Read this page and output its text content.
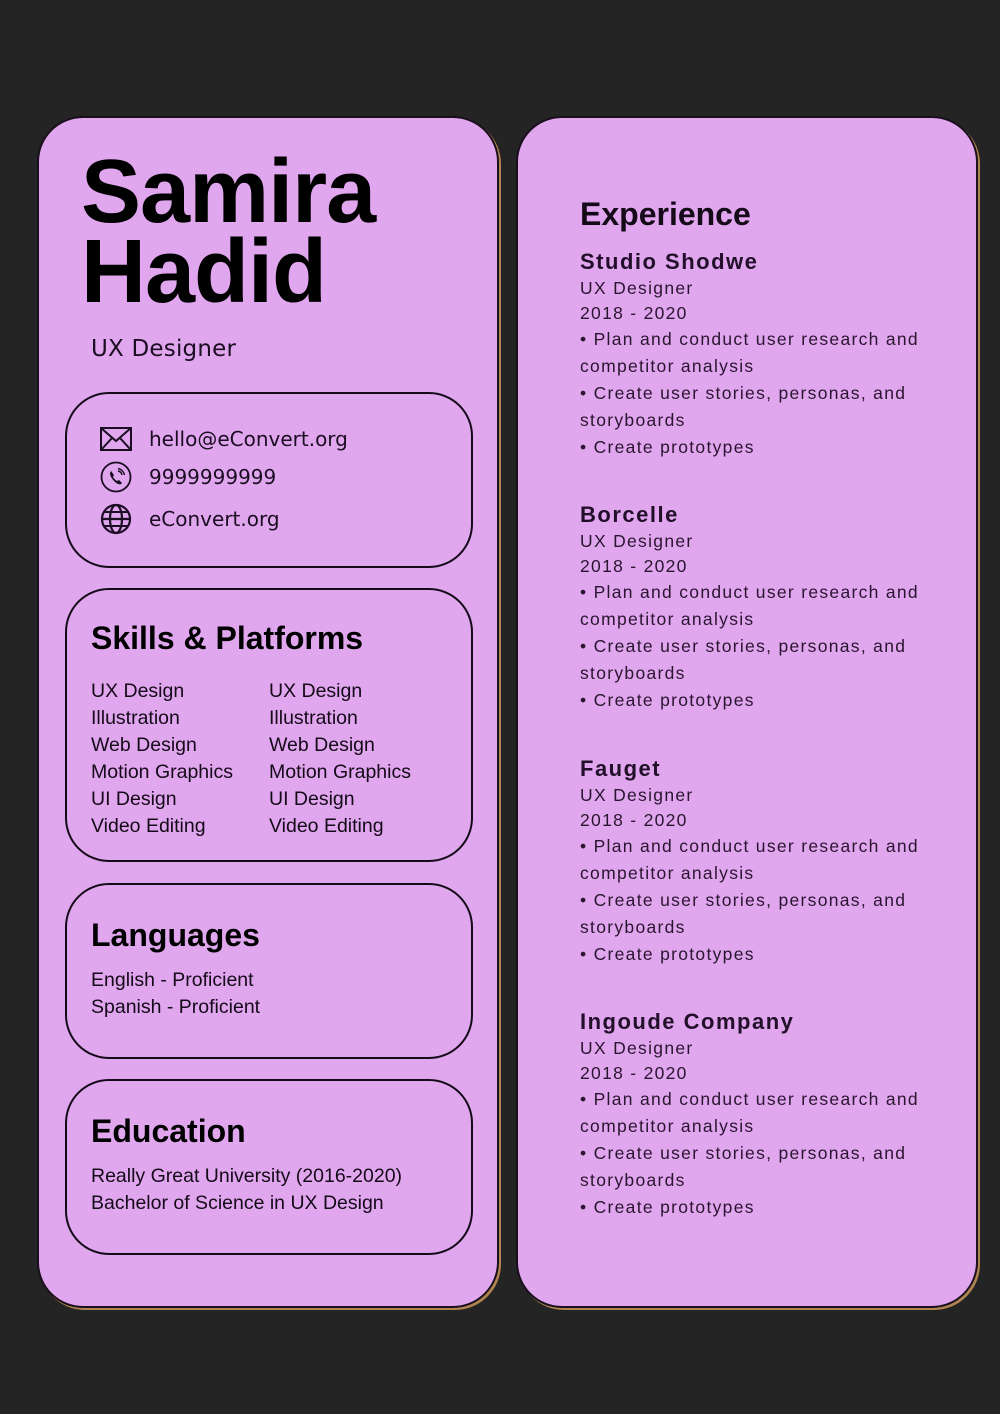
Samira
Hadid
UX Designer
hello@eConvert.org
9999999999
eConvert.org
Skills & Platforms
UX Design
Illustration
Web Design
Motion Graphics
UI Design
Video Editing
UX Design
Illustration
Web Design
Motion Graphics
UI Design
Video Editing
Languages
English - Proficient
Spanish - Proficient
Education
Really Great University (2016-2020)
Bachelor of Science in UX Design
Experience
Studio Shodwe
UX Designer
2018 - 2020
• Plan and conduct user research and competitor analysis
• Create user stories, personas, and storyboards
• Create prototypes
Borcelle
UX Designer
2018 - 2020
• Plan and conduct user research and competitor analysis
• Create user stories, personas, and storyboards
• Create prototypes
Fauget
UX Designer
2018 - 2020
• Plan and conduct user research and competitor analysis
• Create user stories, personas, and storyboards
• Create prototypes
Ingoude Company
UX Designer
2018 - 2020
• Plan and conduct user research and competitor analysis
• Create user stories, personas, and storyboards
• Create prototypes
